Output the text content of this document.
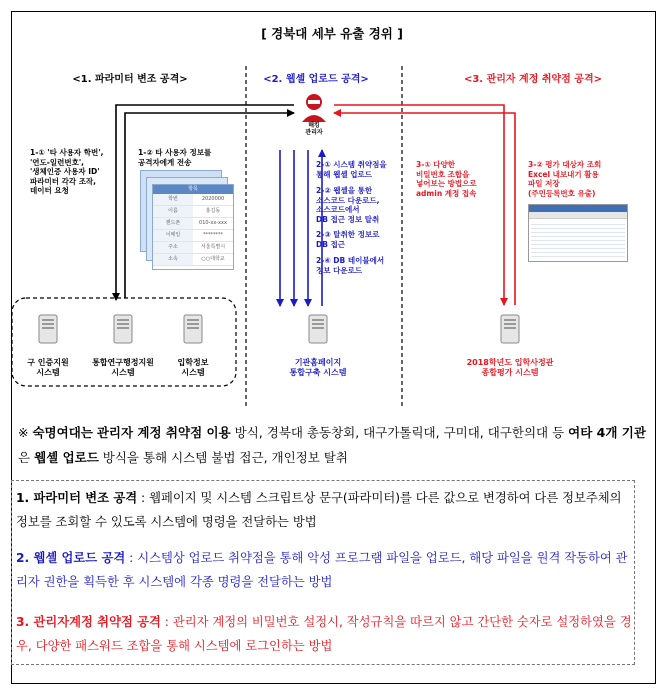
[ 경북대 세부 유출 경위 ]
<1. 파라미터 변조 공격>	<2. 웹셸 업로드 공격>	<3. 관리자 계정 취약점 공격>
해킹
관리자
1-① '타 사용자 학번',
'연도-일련번호',
'생체인증 사용자 ID'
파라미터 각각 조작,
데이터 요청
1-② 타 사용자 정보를
공격자에게 전송
항목
학번	2020000
이름	홍길동
핸드폰	010-xx-xxx
이메일	********
주소	서울특별시
소속	○○대학교
2-① 시스템 취약점을
통해 웹셸 업로드
2-② 웹셸을 통한
소스코드 다운로드,
소스코드에서
DB 접근 정보 탈취
2-③ 탈취한 정보로
DB 접근
2-④ DB 테이블에서
정보 다운로드
3-① 다양한
비밀번호 조합을
넣어보는 방법으로
admin 계정 접속
3-② 평가 대상자 조회
Excel 내보내기 활용
파일 저장
(주민등록번호 유출)
구 인증지원
시스템
통합연구행정지원
시스템
입학정보
시스템
기관홈페이지
통합구축 시스템
2018학년도 입학사정관
종합평가 시스템
※ 숙명여대는 관리자 계정 취약점 이용 방식, 경북대 총동창회, 대구가톨릭대, 구미대, 대구한의대 등 여타 4개 기관은 웹셸 업로드 방식을 통해 시스템 불법 접근, 개인정보 탈취
1. 파라미터 변조 공격 : 웹페이지 및 시스템 스크립트상 문구(파라미터)를 다른 값으로 변경하여 다른 정보주체의 정보를 조회할 수 있도록 시스템에 명령을 전달하는 방법
2. 웹셸 업로드 공격 : 시스템상 업로드 취약점을 통해 악성 프로그램 파일을 업로드, 해당 파일을 원격 작동하여 관리자 권한을 획득한 후 시스템에 각종 명령을 전달하는 방법
3. 관리자계정 취약점 공격 : 관리자 계정의 비밀번호 설정시, 작성규칙을 따르지 않고 간단한 숫자로 설정하였을 경우, 다양한 패스워드 조합을 통해 시스템에 로그인하는 방법
